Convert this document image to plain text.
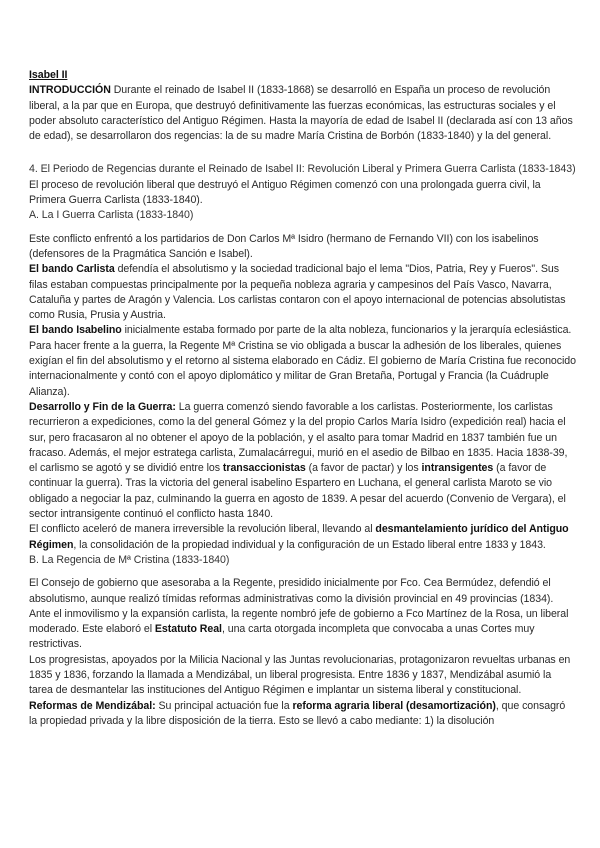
Isabel II

INTRODUCCIÓN Durante el reinado de Isabel II (1833-1868) se desarrolló en España un proceso de revolución liberal, a la par que en Europa, que destruyó definitivamente las fuerzas económicas, las estructuras sociales y el poder absoluto característico del Antiguo Régimen. Hasta la mayoría de edad de Isabel II (declarada así con 13 años de edad), se desarrollaron dos regencias: la de su madre María Cristina de Borbón (1833-1840) y la del general.

4. El Periodo de Regencias durante el Reinado de Isabel II: Revolución Liberal y Primera Guerra Carlista (1833-1843)

El proceso de revolución liberal que destruyó el Antiguo Régimen comenzó con una prolongada guerra civil, la Primera Guerra Carlista (1833-1840).

A. La I Guerra Carlista (1833-1840)

Este conflicto enfrentó a los partidarios de Don Carlos Mª Isidro (hermano de Fernando VII) con los isabelinos (defensores de la Pragmática Sanción e Isabel).

El bando Carlista defendía el absolutismo y la sociedad tradicional bajo el lema "Dios, Patria, Rey y Fueros". Sus filas estaban compuestas principalmente por la pequeña nobleza agraria y campesinos del País Vasco, Navarra, Cataluña y partes de Aragón y Valencia. Los carlistas contaron con el apoyo internacional de potencias absolutistas como Rusia, Prusia y Austria.

El bando Isabelino inicialmente estaba formado por parte de la alta nobleza, funcionarios y la jerarquía eclesiástica. Para hacer frente a la guerra, la Regente Mª Cristina se vio obligada a buscar la adhesión de los liberales, quienes exigían el fin del absolutismo y el retorno al sistema elaborado en Cádiz. El gobierno de María Cristina fue reconocido internacionalmente y contó con el apoyo diplomático y militar de Gran Bretaña, Portugal y Francia (la Cuádruple Alianza).

Desarrollo y Fin de la Guerra: La guerra comenzó siendo favorable a los carlistas. Posteriormente, los carlistas recurrieron a expediciones, como la del general Gómez y la del propio Carlos María Isidro (expedición real) hacia el sur, pero fracasaron al no obtener el apoyo de la población, y el asalto para tomar Madrid en 1837 también fue un fracaso. Además, el mejor estratega carlista, Zumalacárregui, murió en el asedio de Bilbao en 1835. Hacia 1838-39, el carlismo se agotó y se dividió entre los transaccionistas (a favor de pactar) y los intransigentes (a favor de continuar la guerra). Tras la victoria del general isabelino Espartero en Luchana, el general carlista Maroto se vio obligado a negociar la paz, culminando la guerra en agosto de 1839. A pesar del acuerdo (Convenio de Vergara), el sector intransigente continuó el conflicto hasta 1840.

El conflicto aceleró de manera irreversible la revolución liberal, llevando al desmantelamiento jurídico del Antiguo Régimen, la consolidación de la propiedad individual y la configuración de un Estado liberal entre 1833 y 1843.

B. La Regencia de Mª Cristina (1833-1840)

El Consejo de gobierno que asesoraba a la Regente, presidido inicialmente por Fco. Cea Bermúdez, defendió el absolutismo, aunque realizó tímidas reformas administrativas como la división provincial en 49 provincias (1834). Ante el inmovilismo y la expansión carlista, la regente nombró jefe de gobierno a Fco Martínez de la Rosa, un liberal moderado. Este elaboró el Estatuto Real, una carta otorgada incompleta que convocaba a unas Cortes muy restrictivas.

Los progresistas, apoyados por la Milicia Nacional y las Juntas revolucionarias, protagonizaron revueltas urbanas en 1835 y 1836, forzando la llamada a Mendizábal, un liberal progresista. Entre 1836 y 1837, Mendizábal asumió la tarea de desmantelar las instituciones del Antiguo Régimen e implantar un sistema liberal y constitucional.

Reformas de Mendizábal: Su principal actuación fue la reforma agraria liberal (desamortización), que consagró la propiedad privada y la libre disposición de la tierra. Esto se llevó a cabo mediante: 1) la disolución
